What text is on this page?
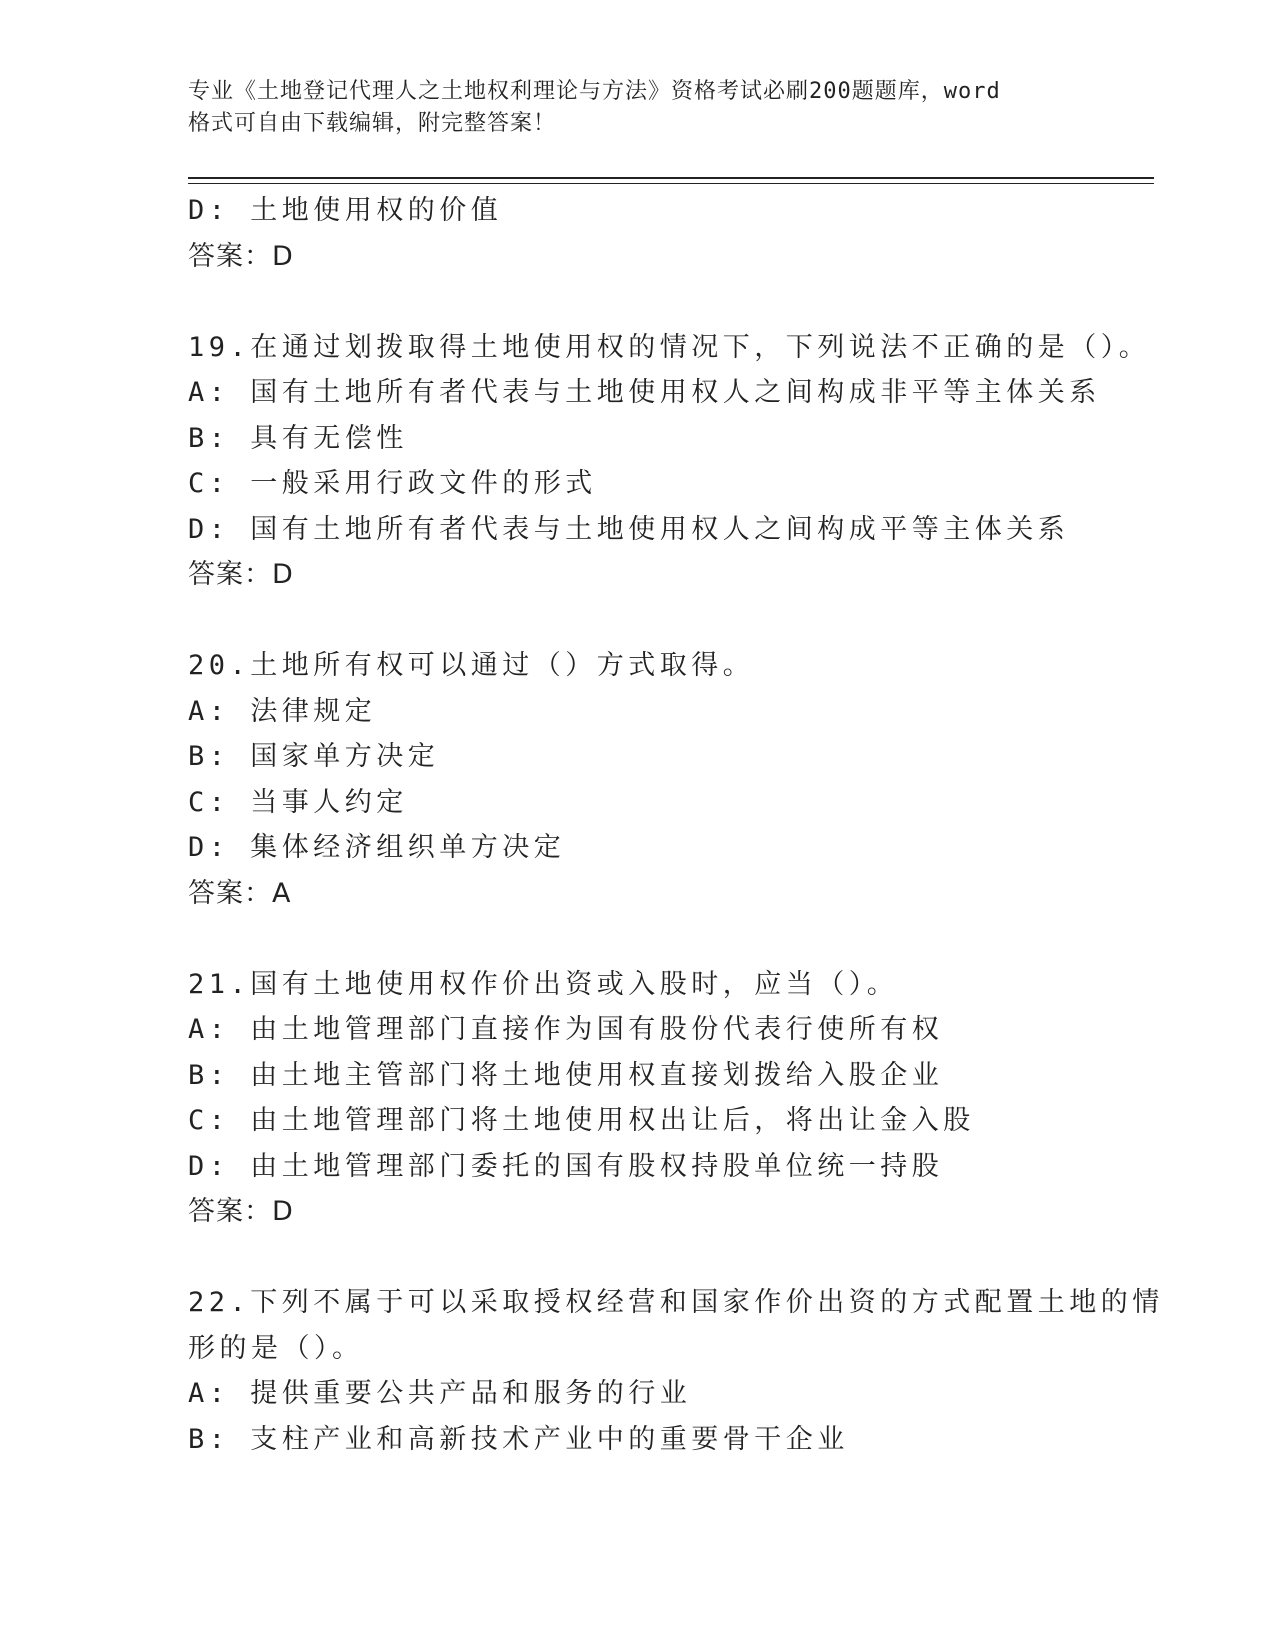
专业《土地登记代理人之土地权利理论与方法》资格考试必刷200题题库，word
格式可自由下载编辑，附完整答案！
D: 土地使用权的价值
答案：D
19.在通过划拨取得土地使用权的情况下，下列说法不正确的是（）。
A: 国有土地所有者代表与土地使用权人之间构成非平等主体关系
B: 具有无偿性
C: 一般采用行政文件的形式
D: 国有土地所有者代表与土地使用权人之间构成平等主体关系
答案：D
20.土地所有权可以通过（）方式取得。
A: 法律规定
B: 国家单方决定
C: 当事人约定
D: 集体经济组织单方决定
答案：A
21.国有土地使用权作价出资或入股时，应当（）。
A: 由土地管理部门直接作为国有股份代表行使所有权
B: 由土地主管部门将土地使用权直接划拨给入股企业
C: 由土地管理部门将土地使用权出让后，将出让金入股
D: 由土地管理部门委托的国有股权持股单位统一持股
答案：D
22.下列不属于可以采取授权经营和国家作价出资的方式配置土地的情
形的是（）。
A: 提供重要公共产品和服务的行业
B: 支柱产业和高新技术产业中的重要骨干企业
